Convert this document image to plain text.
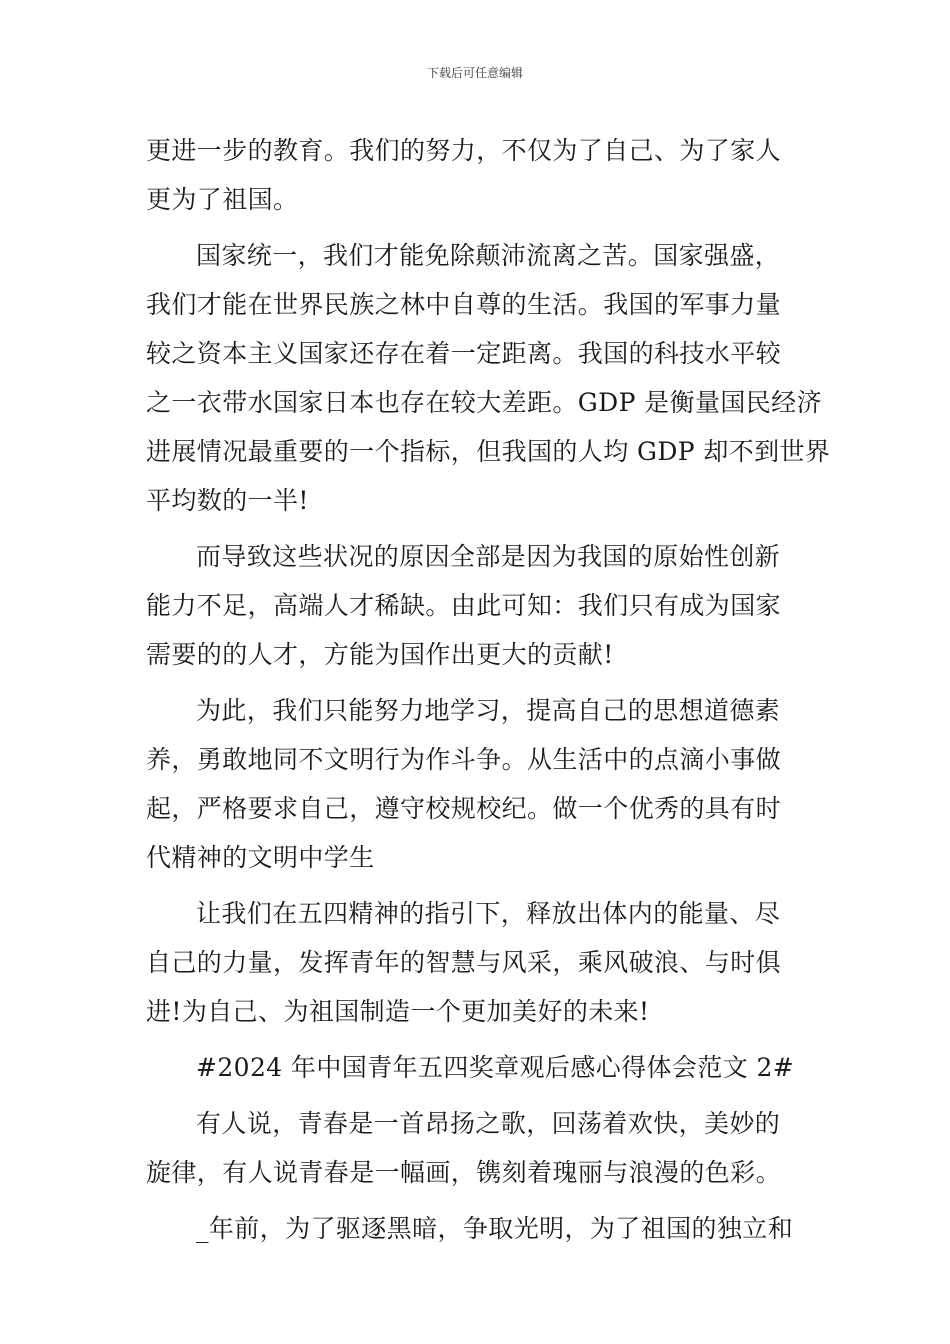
下载后可任意编辑
更进一步的教育。我们的努力，不仅为了自己、为了家人
更为了祖国。
国家统一，我们才能免除颠沛流离之苦。国家强盛，
我们才能在世界民族之林中自尊的生活。我国的军事力量
较之资本主义国家还存在着一定距离。我国的科技水平较
之一衣带水国家日本也存在较大差距。GDP 是衡量国民经济
进展情况最重要的一个指标，但我国的人均 GDP 却不到世界
平均数的一半!
而导致这些状况的原因全部是因为我国的原始性创新
能力不足，高端人才稀缺。由此可知：我们只有成为国家
需要的的人才，方能为国作出更大的贡献!
为此，我们只能努力地学习，提高自己的思想道德素
养，勇敢地同不文明行为作斗争。从生活中的点滴小事做
起，严格要求自己，遵守校规校纪。做一个优秀的具有时
代精神的文明中学生
让我们在五四精神的指引下，释放出体内的能量、尽
自己的力量，发挥青年的智慧与风采，乘风破浪、与时俱
进!为自己、为祖国制造一个更加美好的未来!
#2024 年中国青年五四奖章观后感心得体会范文 2#
有人说，青春是一首昂扬之歌，回荡着欢快，美妙的
旋律，有人说青春是一幅画，镌刻着瑰丽与浪漫的色彩。
_年前，为了驱逐黑暗，争取光明，为了祖国的独立和
